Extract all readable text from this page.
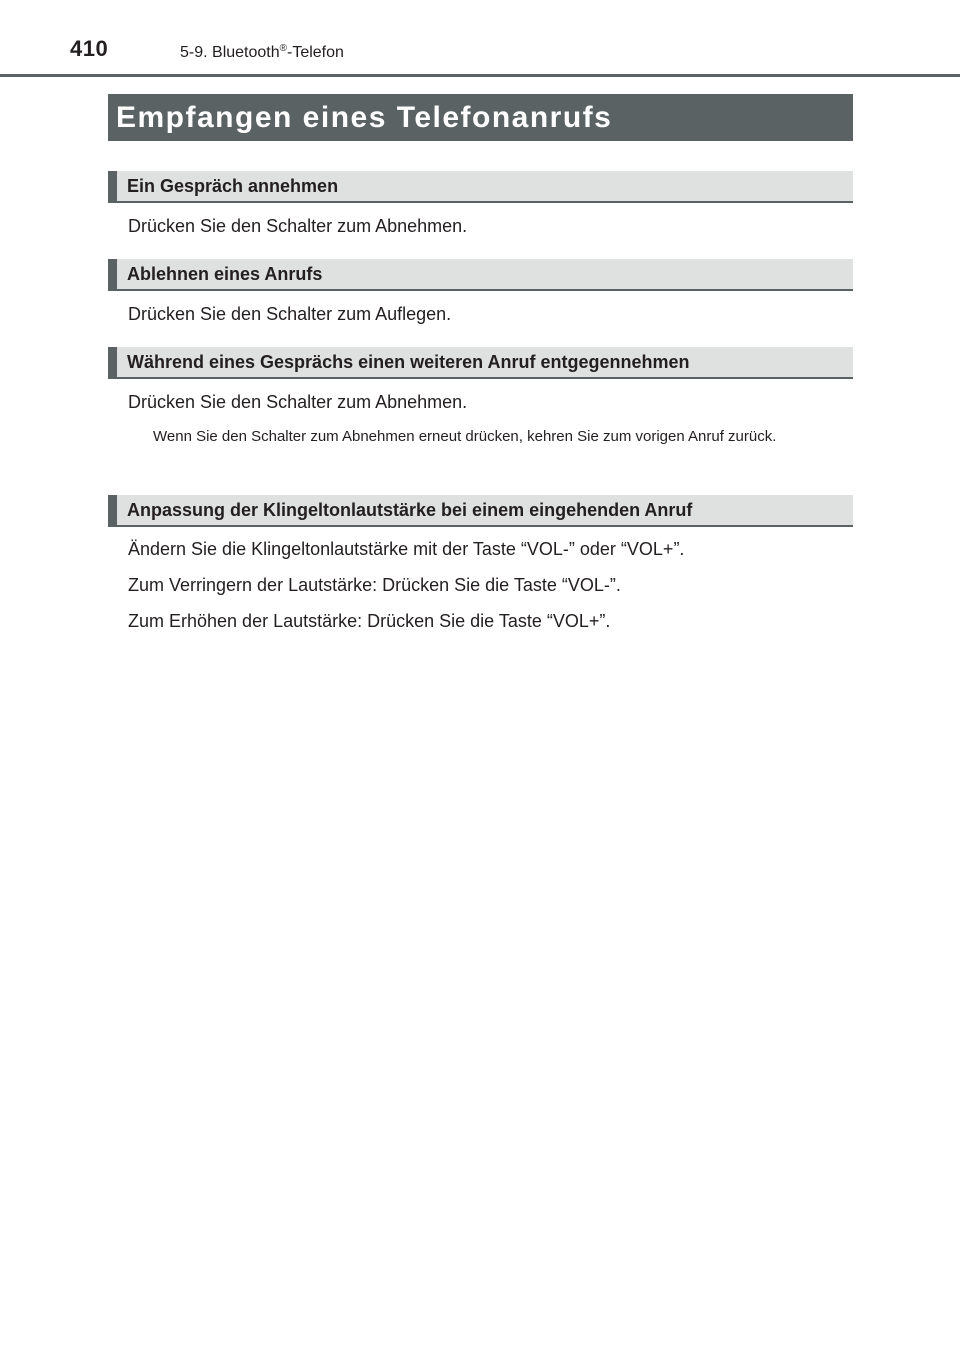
410	5-9. Bluetooth®-Telefon
Empfangen eines Telefonanrufs
Ein Gespräch annehmen
Drücken Sie den Schalter zum Abnehmen.
Ablehnen eines Anrufs
Drücken Sie den Schalter zum Auflegen.
Während eines Gesprächs einen weiteren Anruf entgegennehmen
Drücken Sie den Schalter zum Abnehmen.
Wenn Sie den Schalter zum Abnehmen erneut drücken, kehren Sie zum vorigen Anruf zurück.
Anpassung der Klingeltonlautstärke bei einem eingehenden Anruf
Ändern Sie die Klingeltonlautstärke mit der Taste “VOL-” oder “VOL+”.
Zum Verringern der Lautstärke: Drücken Sie die Taste “VOL-”.
Zum Erhöhen der Lautstärke: Drücken Sie die Taste “VOL+”.
